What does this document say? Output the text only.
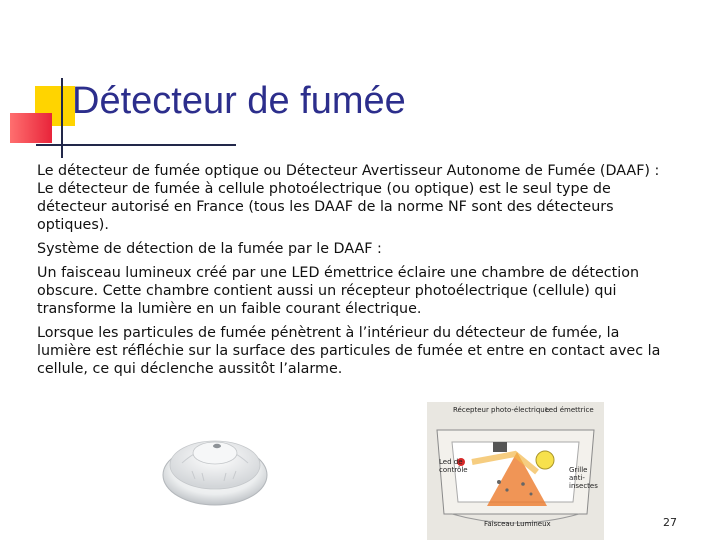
Détecteur de fumée

Le détecteur de fumée optique ou Détecteur Avertisseur Autonome de Fumée (DAAF) : Le détecteur de fumée à cellule photoélectrique (ou optique) est le seul type de détecteur autorisé en France (tous les DAAF de la norme NF sont des détecteurs optiques).

Système de détection de la fumée par le DAAF :

Un faisceau lumineux créé par une LED émettrice éclaire une chambre de détection obscure. Cette chambre contient aussi un récepteur photoélectrique (cellule) qui transforme la lumière en un faible courant électrique.

Lorsque les particules de fumée pénètrent à l’intérieur du détecteur de fumée, la lumière est réfléchie sur la surface des particules de fumée et entre en contact avec la cellule, ce qui déclenche aussitôt l’alarme.

Récepteur photo-électrique
Led émettrice
Led de contrôle	Grille anti-insectes
Faisceau Lumineux	27
